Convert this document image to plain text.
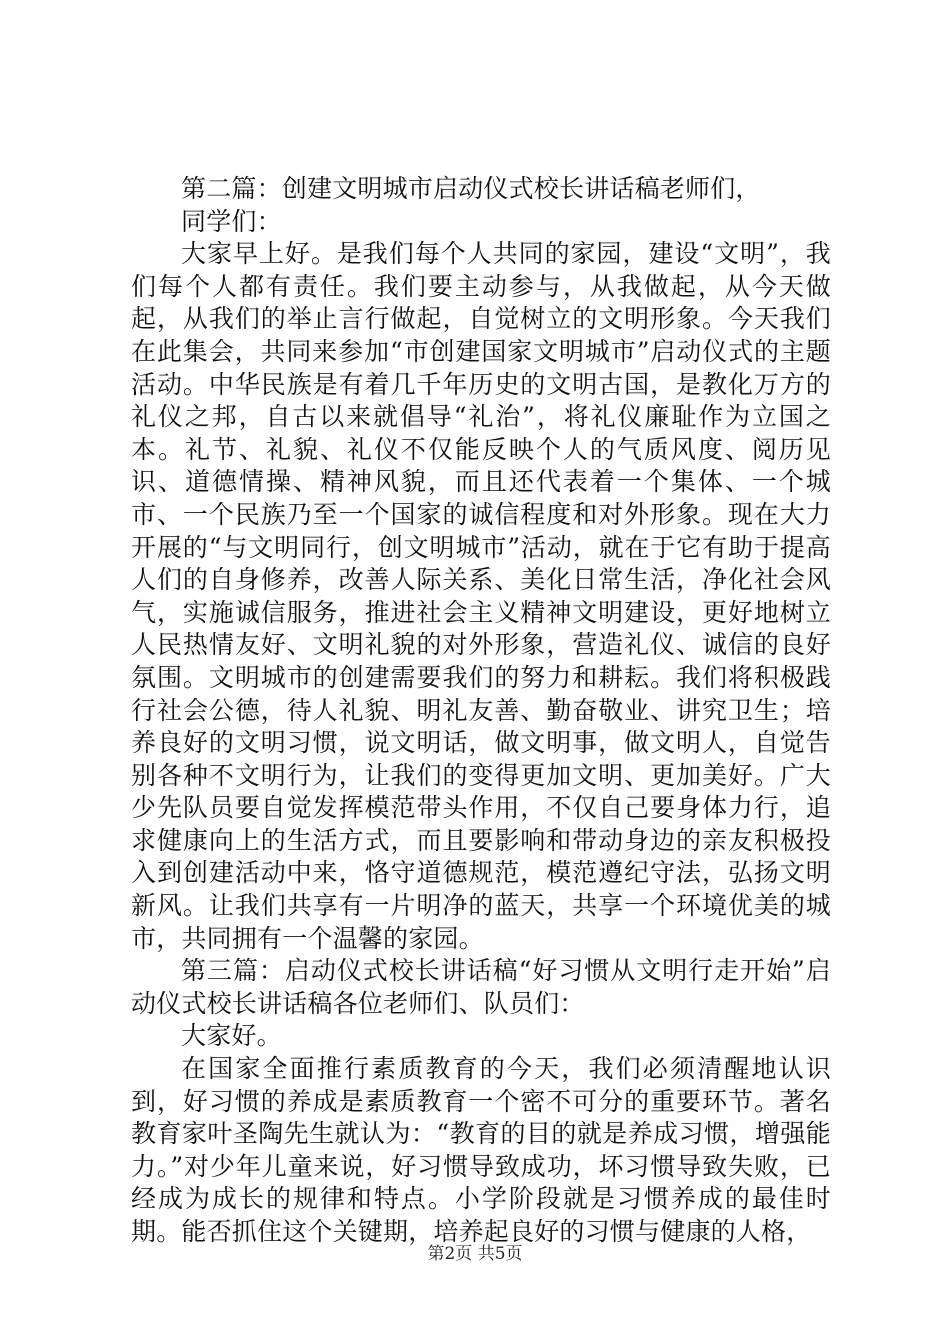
第二篇：创建文明城市启动仪式校长讲话稿老师们，

同学们：

大家早上好。是我们每个人共同的家园，建设“文明”，我们每个人都有责任。我们要主动参与，从我做起，从今天做起，从我们的举止言行做起，自觉树立的文明形象。今天我们在此集会，共同来参加“市创建国家文明城市”启动仪式的主题活动。中华民族是有着几千年历史的文明古国，是教化万方的礼仪之邦，自古以来就倡导“礼治”，将礼仪廉耻作为立国之本。礼节、礼貌、礼仪不仅能反映个人的气质风度、阅历见识、道德情操、精神风貌，而且还代表着一个集体、一个城市、一个民族乃至一个国家的诚信程度和对外形象。现在大力开展的“与文明同行，创文明城市”活动，就在于它有助于提高人们的自身修养，改善人际关系、美化日常生活，净化社会风气，实施诚信服务，推进社会主义精神文明建设，更好地树立人民热情友好、文明礼貌的对外形象，营造礼仪、诚信的良好氛围。文明城市的创建需要我们的努力和耕耘。我们将积极践行社会公德，待人礼貌、明礼友善、勤奋敬业、讲究卫生；培养良好的文明习惯，说文明话，做文明事，做文明人，自觉告别各种不文明行为，让我们的变得更加文明、更加美好。广大少先队员要自觉发挥模范带头作用，不仅自己要身体力行，追求健康向上的生活方式，而且要影响和带动身边的亲友积极投入到创建活动中来，恪守道德规范，模范遵纪守法，弘扬文明新风。让我们共享有一片明净的蓝天，共享一个环境优美的城市，共同拥有一个温馨的家园。

第三篇：启动仪式校长讲话稿“好习惯从文明行走开始”启动仪式校长讲话稿各位老师们、队员们：

大家好。

在国家全面推行素质教育的今天，我们必须清醒地认识到，好习惯的养成是素质教育一个密不可分的重要环节。著名教育家叶圣陶先生就认为：“教育的目的就是养成习惯，增强能力。”对少年儿童来说，好习惯导致成功，坏习惯导致失败，已经成为成长的规律和特点。小学阶段就是习惯养成的最佳时期。能否抓住这个关键期，培养起良好的习惯与健康的人格，

第2页 共5页
